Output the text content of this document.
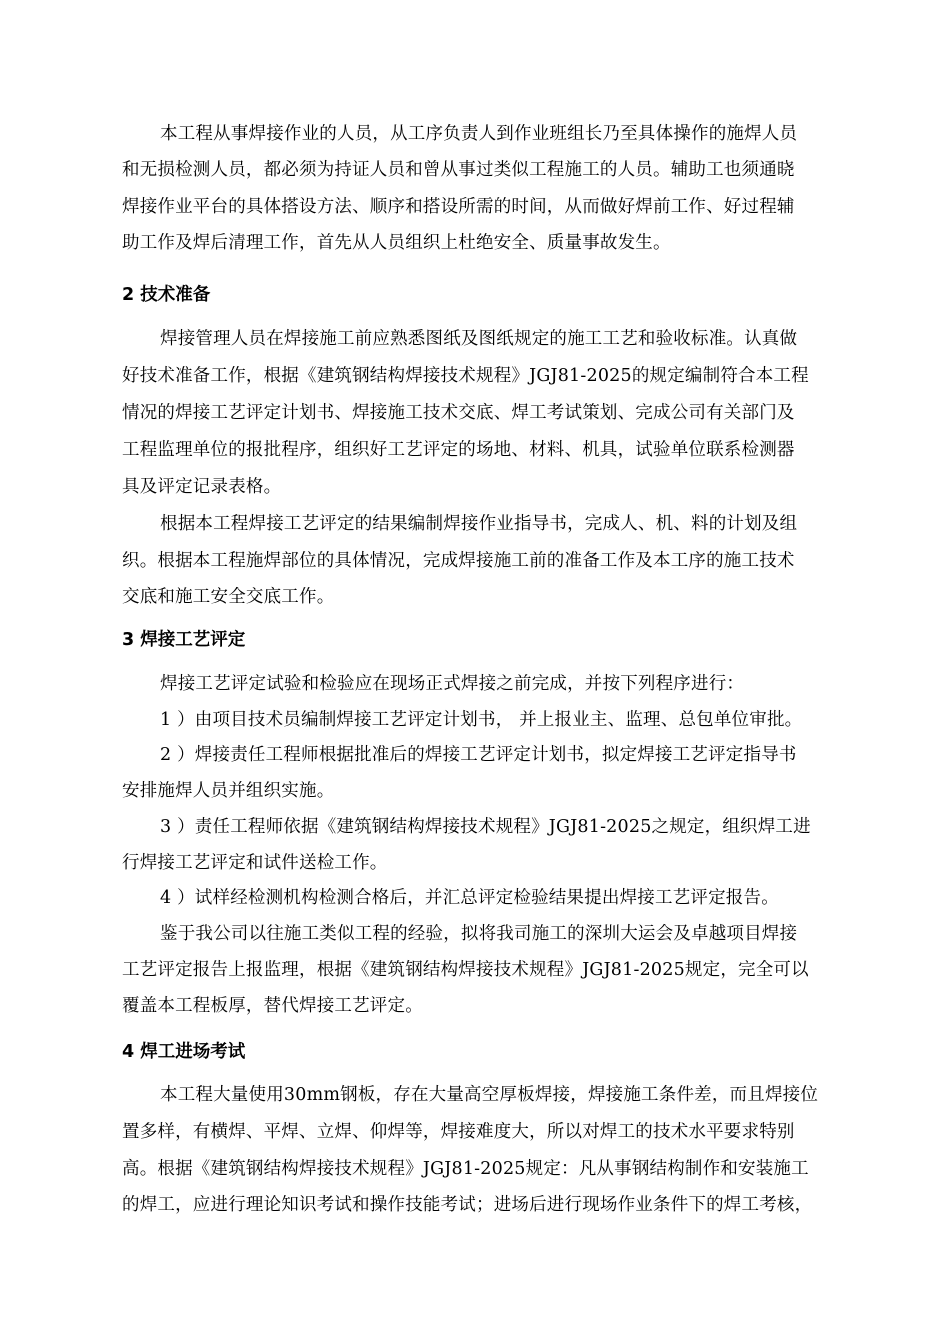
本工程从事焊接作业的人员，从工序负责人到作业班组长乃至具体操作的施焊人员
和无损检测人员，都必须为持证人员和曾从事过类似工程施工的人员。辅助工也须通晓
焊接作业平台的具体搭设方法、顺序和搭设所需的时间，从而做好焊前工作、好过程辅
助工作及焊后清理工作，首先从人员组织上杜绝安全、质量事故发生。
2 技术准备
焊接管理人员在焊接施工前应熟悉图纸及图纸规定的施工工艺和验收标准。认真做
好技术准备工作，根据《建筑钢结构焊接技术规程》JGJ81-2025的规定编制符合本工程
情况的焊接工艺评定计划书、焊接施工技术交底、焊工考试策划、完成公司有关部门及
工程监理单位的报批程序，组织好工艺评定的场地、材料、机具，试验单位联系检测器
具及评定记录表格。
根据本工程焊接工艺评定的结果编制焊接作业指导书，完成人、机、料的计划及组
织。根据本工程施焊部位的具体情况，完成焊接施工前的准备工作及本工序的施工技术
交底和施工安全交底工作。
3 焊接工艺评定
焊接工艺评定试验和检验应在现场正式焊接之前完成，并按下列程序进行：
1 ）由项目技术员编制焊接工艺评定计划书， 并上报业主、监理、总包单位审批。
2 ）焊接责任工程师根据批准后的焊接工艺评定计划书，拟定焊接工艺评定指导书
安排施焊人员并组织实施。
3 ）责任工程师依据《建筑钢结构焊接技术规程》JGJ81-2025之规定，组织焊工进
行焊接工艺评定和试件送检工作。
4 ）试样经检测机构检测合格后，并汇总评定检验结果提出焊接工艺评定报告。
鉴于我公司以往施工类似工程的经验，拟将我司施工的深圳大运会及卓越项目焊接
工艺评定报告上报监理，根据《建筑钢结构焊接技术规程》JGJ81-2025规定，完全可以
覆盖本工程板厚，替代焊接工艺评定。
4 焊工进场考试
本工程大量使用30mm钢板，存在大量高空厚板焊接，焊接施工条件差，而且焊接位
置多样，有横焊、平焊、立焊、仰焊等，焊接难度大，所以对焊工的技术水平要求特别
高。根据《建筑钢结构焊接技术规程》JGJ81-2025规定：凡从事钢结构制作和安装施工
的焊工，应进行理论知识考试和操作技能考试；进场后进行现场作业条件下的焊工考核，
